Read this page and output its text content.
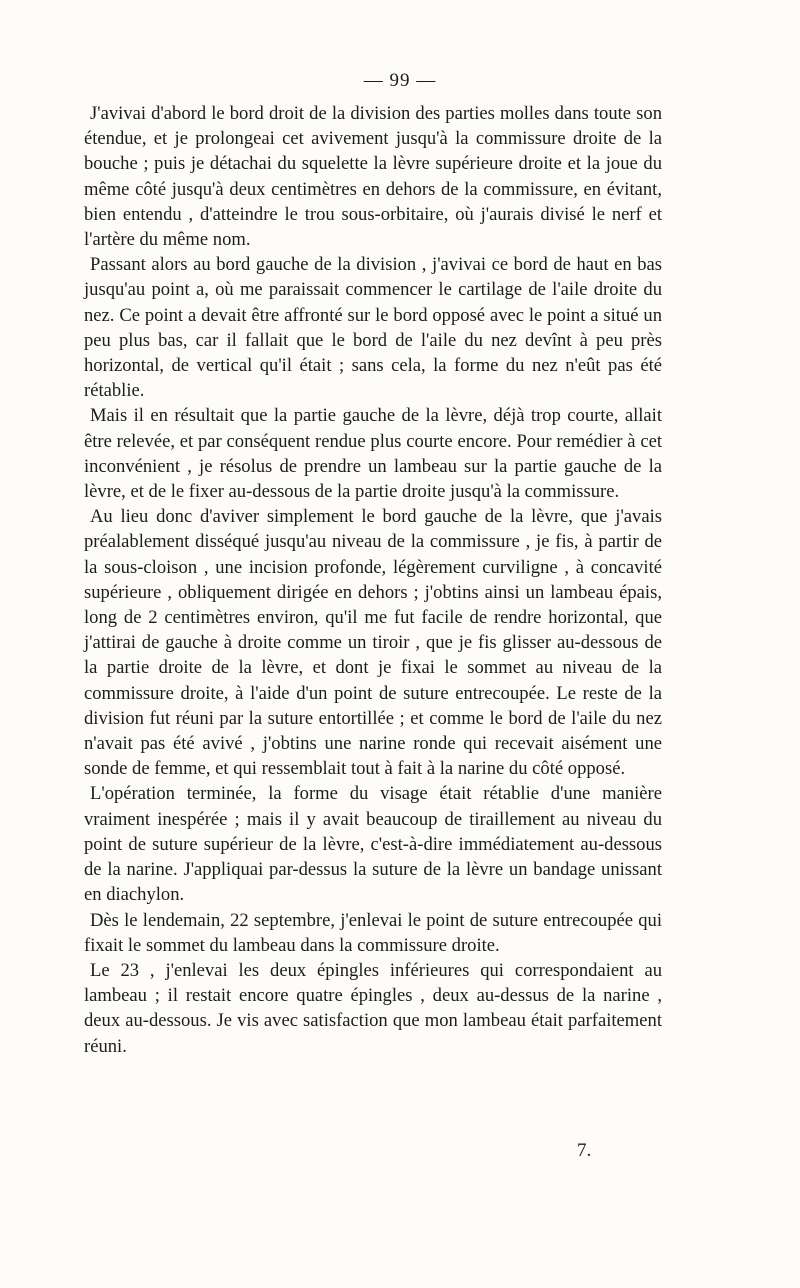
— 99 —

J'avivai d'abord le bord droit de la division des parties molles dans toute son étendue, et je prolongeai cet avivement jusqu'à la commissure droite de la bouche ; puis je détachai du squelette la lèvre supérieure droite et la joue du même côté jusqu'à deux centimètres en dehors de la commissure, en évitant, bien entendu , d'atteindre le trou sous-orbitaire, où j'aurais divisé le nerf et l'artère du même nom.

Passant alors au bord gauche de la division , j'avivai ce bord de haut en bas jusqu'au point a, où me paraissait commencer le cartilage de l'aile droite du nez. Ce point a devait être affronté sur le bord opposé avec le point a situé un peu plus bas, car il fallait que le bord de l'aile du nez devînt à peu près horizontal, de vertical qu'il était ; sans cela, la forme du nez n'eût pas été rétablie.

Mais il en résultait que la partie gauche de la lèvre, déjà trop courte, allait être relevée, et par conséquent rendue plus courte encore. Pour remédier à cet inconvénient , je résolus de prendre un lambeau sur la partie gauche de la lèvre, et de le fixer au-dessous de la partie droite jusqu'à la commissure.

Au lieu donc d'aviver simplement le bord gauche de la lèvre, que j'avais préalablement disséqué jusqu'au niveau de la commissure , je fis, à partir de la sous-cloison , une incision profonde, légèrement curviligne , à concavité supérieure , obliquement dirigée en dehors ; j'obtins ainsi un lambeau épais, long de 2 centimètres environ, qu'il me fut facile de rendre horizontal, que j'attirai de gauche à droite comme un tiroir , que je fis glisser au-dessous de la partie droite de la lèvre, et dont je fixai le sommet au niveau de la commissure droite, à l'aide d'un point de suture entrecoupée. Le reste de la division fut réuni par la suture entortillée ; et comme le bord de l'aile du nez n'avait pas été avivé , j'obtins une narine ronde qui recevait aisément une sonde de femme, et qui ressemblait tout à fait à la narine du côté opposé.

L'opération terminée, la forme du visage était rétablie d'une manière vraiment inespérée ; mais il y avait beaucoup de tiraillement au niveau du point de suture supérieur de la lèvre, c'est-à-dire immédiatement au-dessous de la narine. J'appliquai par-dessus la suture de la lèvre un bandage unissant en diachylon.

Dès le lendemain, 22 septembre, j'enlevai le point de suture entrecoupée qui fixait le sommet du lambeau dans la commissure droite.

Le 23 , j'enlevai les deux épingles inférieures qui correspondaient au lambeau ; il restait encore quatre épingles , deux au-dessus de la narine , deux au-dessous. Je vis avec satisfaction que mon lambeau était parfaitement réuni.

7.
